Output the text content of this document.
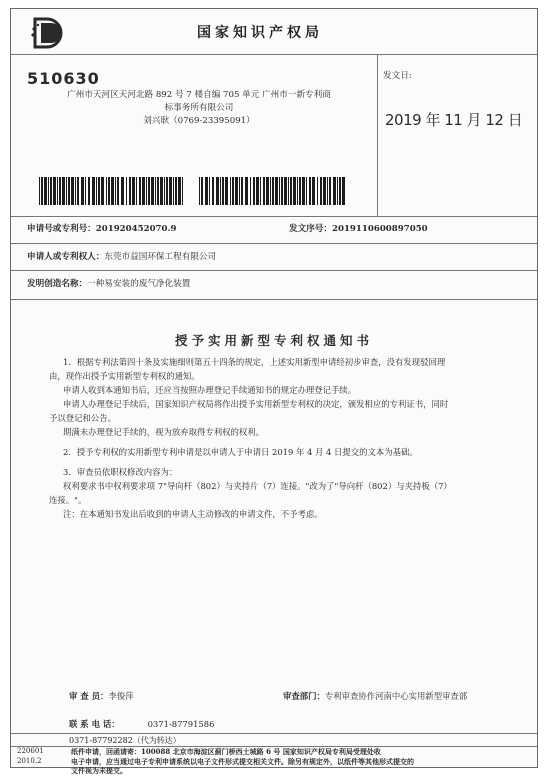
国家知识产权局
510630
广州市天河区天河北路 892 号 7 楼自编 705 单元 广州市一新专利商
标事务所有限公司
刘兴耿（0769-23395091）
发文日:
2019 年 11 月 12 日
申请号或专利号：201920452070.9	发文序号：2019110600897050
申请人或专利权人：东莞市益国环保工程有限公司
发明创造名称：一种易安装的废气净化装置
授予实用新型专利权通知书

1．根据专利法第四十条及实施细则第五十四条的规定，上述实用新型申请经初步审查，没有发现驳回理

由，现作出授予实用新型专利权的通知。

申请人收到本通知书后，还应当按照办理登记手续通知书的规定办理登记手续。

申请人办理登记手续后，国家知识产权局将作出授予实用新型专利权的决定，颁发相应的专利证书，同时

予以登记和公告。

期满未办理登记手续的，视为放弃取得专利权的权利。

2．授予专利权的实用新型专利申请是以申请人于申请日 2019 年 4 月 4 日提交的文本为基础。

3．审查员依职权修改内容为：

权利要求书中权利要求项 7"导向杆（802）与夹持片（7）连接。"改为了"导向杆（802）与夹持板（7）

连接。"。

注：在本通知书发出后收到的申请人主动修改的申请文件，不予考虑。

审 查 员：李俊萍	审查部门：专利审查协作河南中心实用新型审查部
联 系 电 话：	0371-87791586
0371-87792282（代为转达）
220601
2010.2
纸件申请，回函请寄：100088 北京市海淀区蓟门桥西土城路 6 号 国家知识产权局专利局受理处收
电子申请，应当通过电子专利申请系统以电子文件形式提交相关文件。除另有规定外，以纸件等其他形式提交的
文件视为未提交。
